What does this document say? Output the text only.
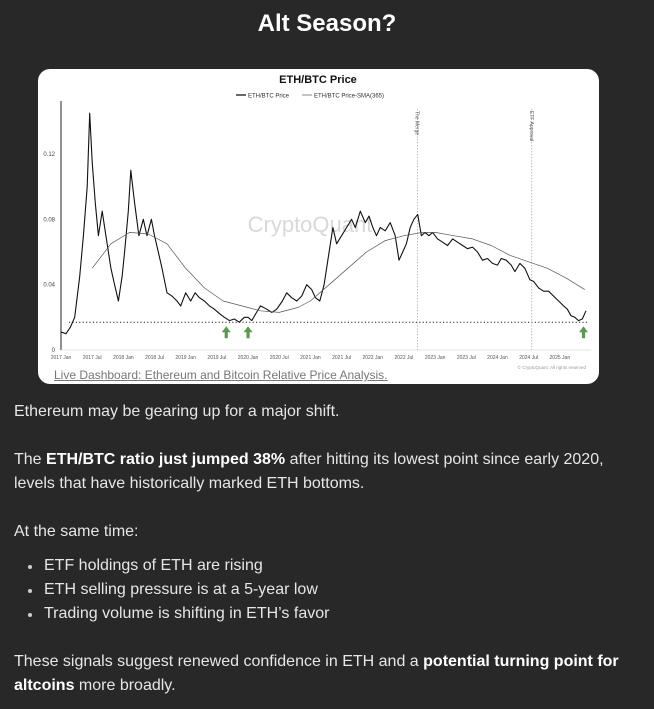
Alt Season?
ETH/BTC Price
ETH/BTC Price	ETH/BTC Price-SMA(365)
CryptoQuant
0
0.04
0.08
0.12
2017 Jan 2017 Jul 2018 Jan 2018 Jul 2019 Jan 2019 Jul 2020 Jan 2020 Jul 2021 Jan 2021 Jul 2022 Jan 2022 Jul 2023 Jan 2023 Jul 2024 Jan 2024 Jul 2025 Jan
The Merge	ETF Approval
© CryptoQuant. All rights reserved
Live Dashboard: Ethereum and Bitcoin Relative Price Analysis.

Ethereum may be gearing up for a major shift.

The ETH/BTC ratio just jumped 38% after hitting its lowest point since early 2020, levels that have historically marked ETH bottoms.

At the same time:

• ETF holdings of ETH are rising
• ETH selling pressure is at a 5-year low
• Trading volume is shifting in ETH’s favor

These signals suggest renewed confidence in ETH and a potential turning point for altcoins more broadly.
